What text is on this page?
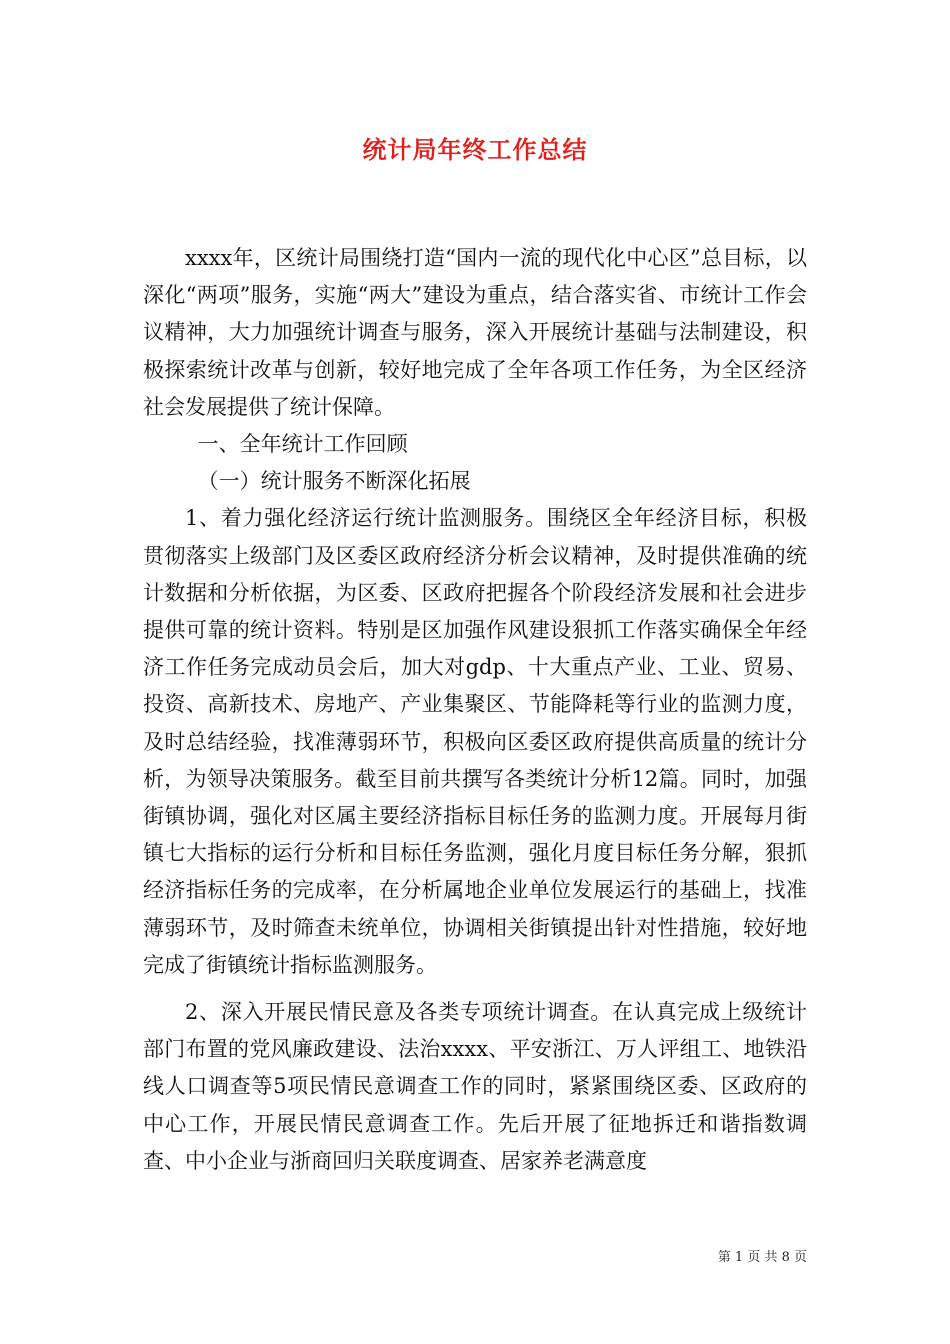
统计局年终工作总结

xxxx年，区统计局围绕打造“国内一流的现代化中心区”总目标，以深化“两项”服务，实施“两大”建设为重点，结合落实省、市统计工作会议精神，大力加强统计调查与服务，深入开展统计基础与法制建设，积极探索统计改革与创新，较好地完成了全年各项工作任务，为全区经济社会发展提供了统计保障。

一、全年统计工作回顾

（一）统计服务不断深化拓展

1、着力强化经济运行统计监测服务。围绕区全年经济目标，积极贯彻落实上级部门及区委区政府经济分析会议精神，及时提供准确的统计数据和分析依据，为区委、区政府把握各个阶段经济发展和社会进步提供可靠的统计资料。特别是区加强作风建设狠抓工作落实确保全年经济工作任务完成动员会后，加大对gdp、十大重点产业、工业、贸易、投资、高新技术、房地产、产业集聚区、节能降耗等行业的监测力度，及时总结经验，找准薄弱环节，积极向区委区政府提供高质量的统计分析，为领导决策服务。截至目前共撰写各类统计分析12篇。同时，加强街镇协调，强化对区属主要经济指标目标任务的监测力度。开展每月街镇七大指标的运行分析和目标任务监测，强化月度目标任务分解，狠抓经济指标任务的完成率，在分析属地企业单位发展运行的基础上，找准薄弱环节，及时筛查未统单位，协调相关街镇提出针对性措施，较好地完成了街镇统计指标监测服务。

2、深入开展民情民意及各类专项统计调查。在认真完成上级统计部门布置的党风廉政建设、法治xxxx、平安浙江、万人评组工、地铁沿线人口调查等5项民情民意调查工作的同时，紧紧围绕区委、区政府的中心工作，开展民情民意调查工作。先后开展了征地拆迁和谐指数调查、中小企业与浙商回归关联度调查、居家养老满意度

第 1 页 共 8 页
